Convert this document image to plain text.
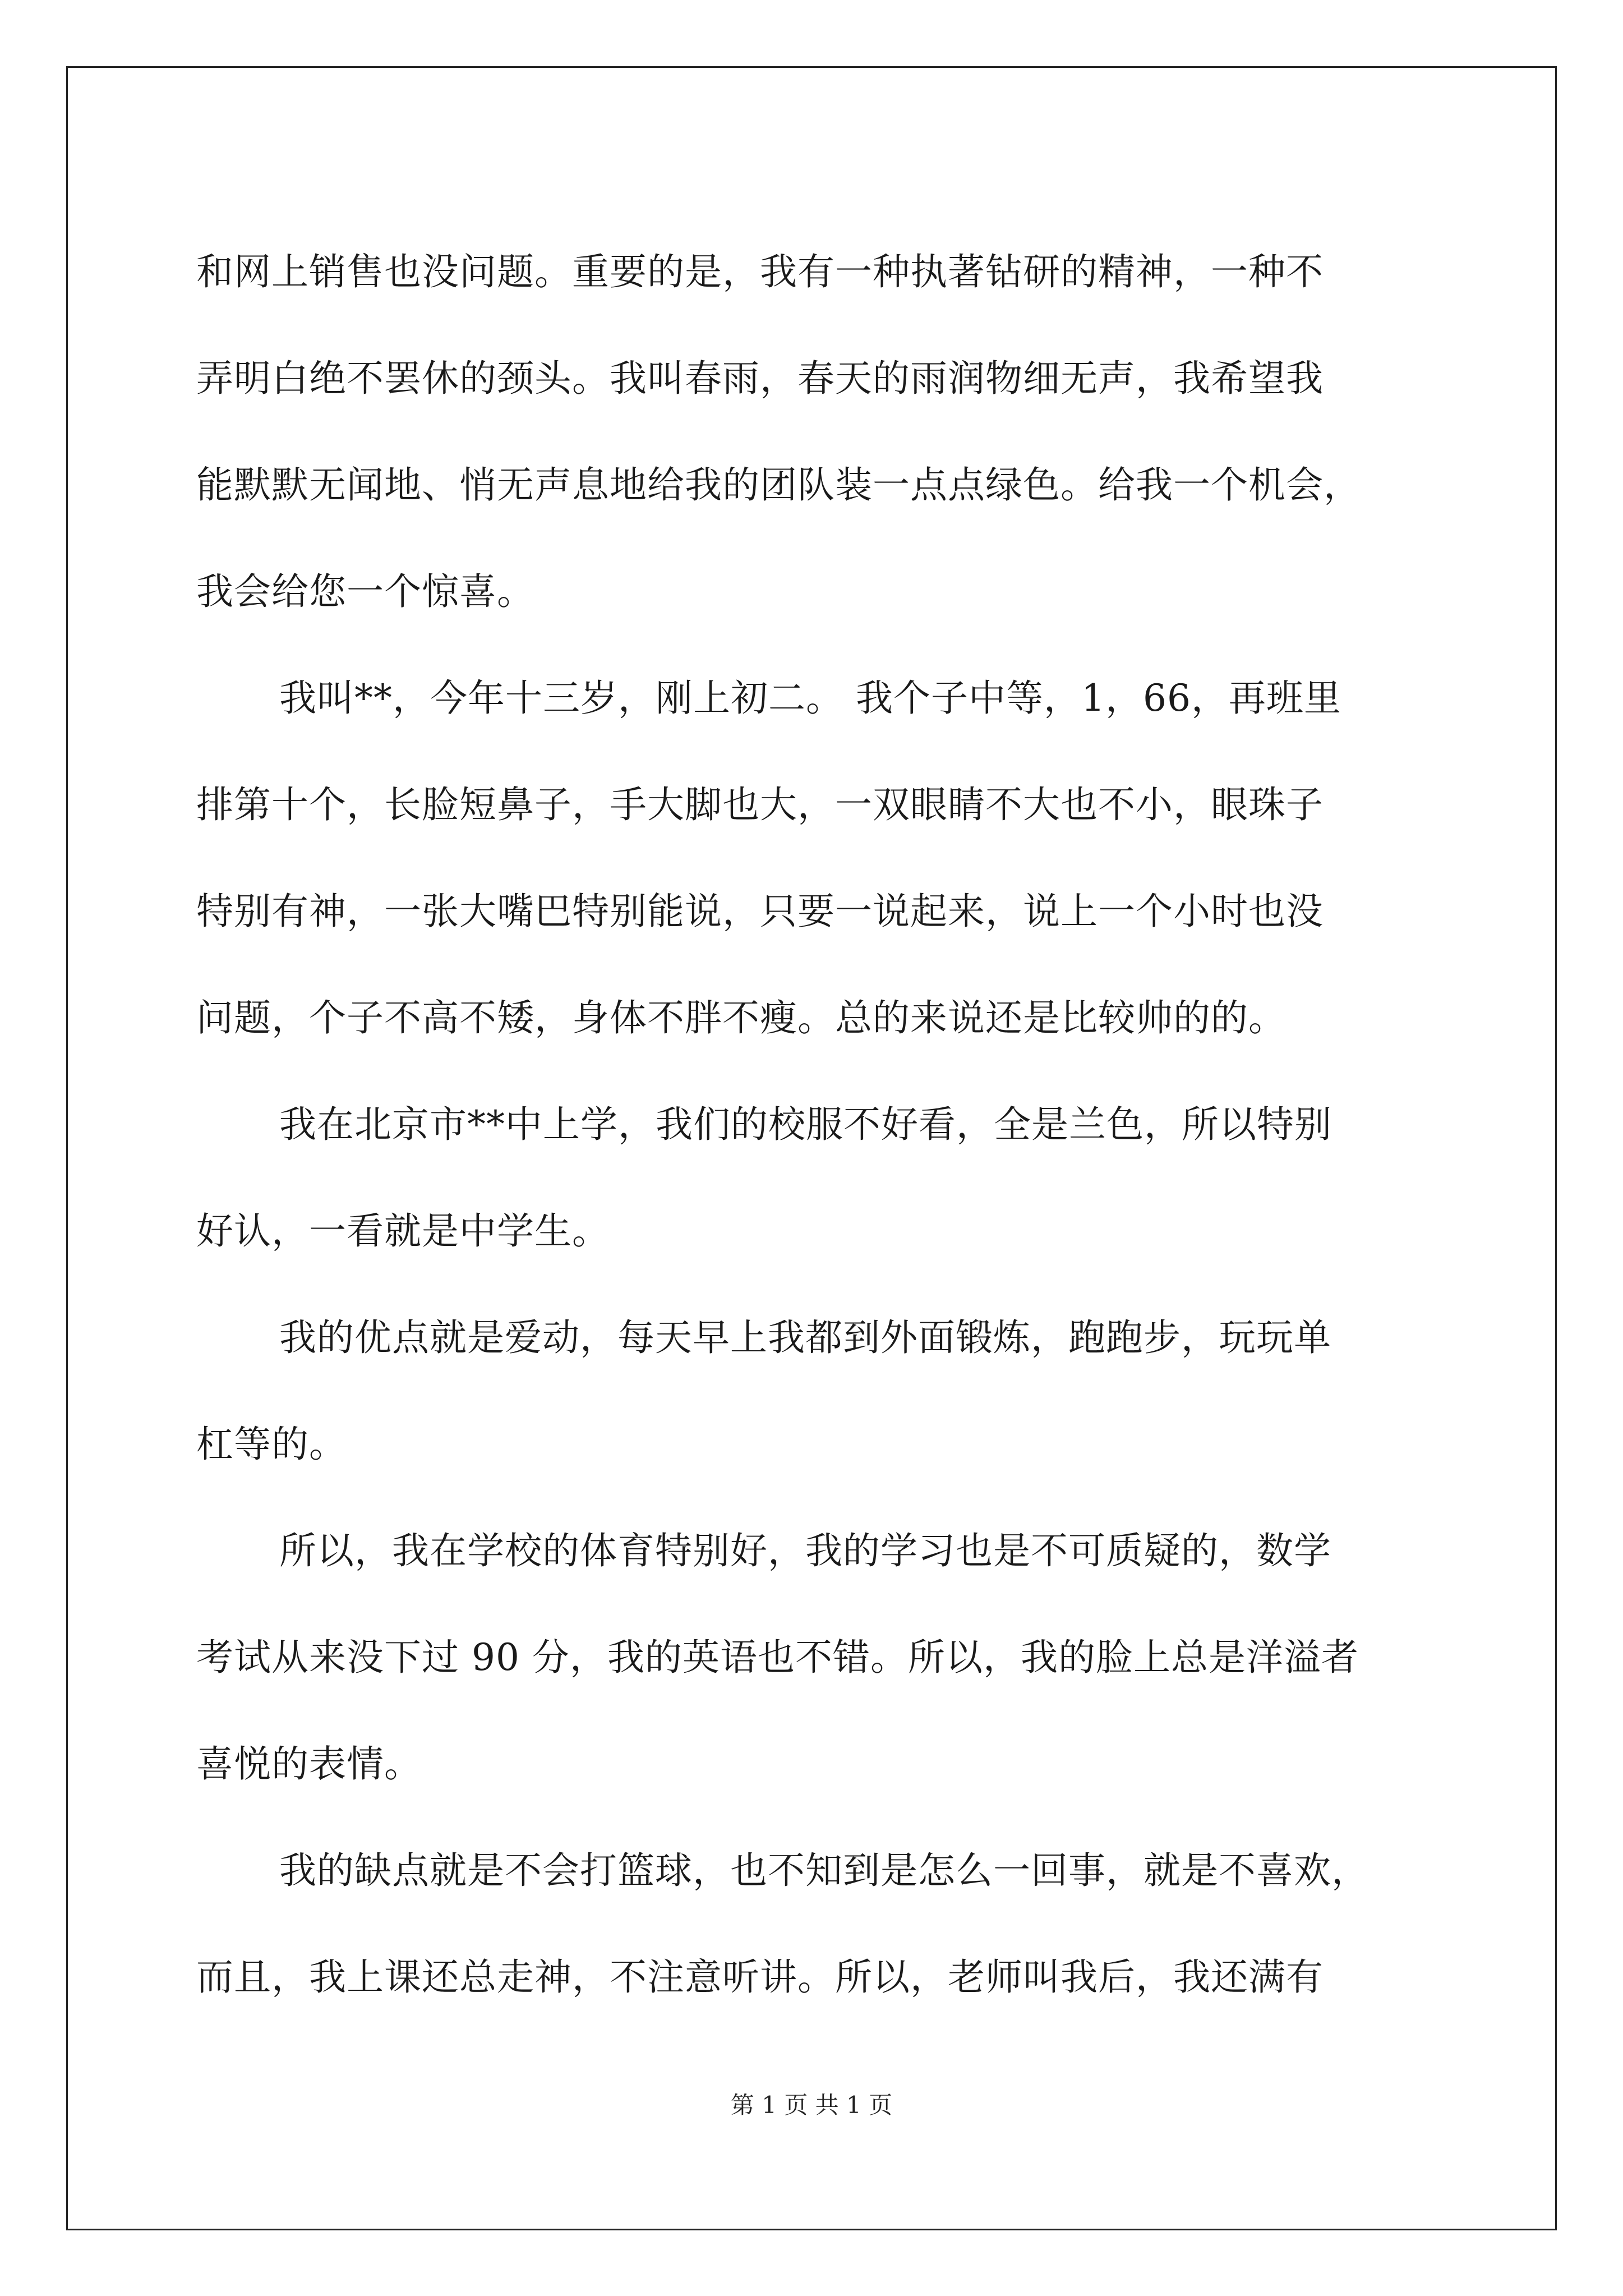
和网上销售也没问题。重要的是，我有一种执著钻研的精神，一种不
弄明白绝不罢休的颈头。我叫春雨，春天的雨润物细无声，我希望我
能默默无闻地、悄无声息地给我的团队装一点点绿色。给我一个机会，
我会给您一个惊喜。
我叫**，今年十三岁，刚上初二。 我个子中等，1，66，再班里
排第十个，长脸短鼻子，手大脚也大，一双眼睛不大也不小，眼珠子
特别有神，一张大嘴巴特别能说，只要一说起来，说上一个小时也没
问题，个子不高不矮，身体不胖不瘦。总的来说还是比较帅的的。
我在北京市**中上学，我们的校服不好看，全是兰色，所以特别
好认，一看就是中学生。
我的优点就是爱动，每天早上我都到外面锻炼，跑跑步，玩玩单
杠等的。
所以，我在学校的体育特别好，我的学习也是不可质疑的，数学
考试从来没下过 90 分，我的英语也不错。所以，我的脸上总是洋溢者
喜悦的表情。
我的缺点就是不会打篮球，也不知到是怎么一回事，就是不喜欢，
而且，我上课还总走神，不注意听讲。所以，老师叫我后，我还满有
第 1 页 共 1 页
